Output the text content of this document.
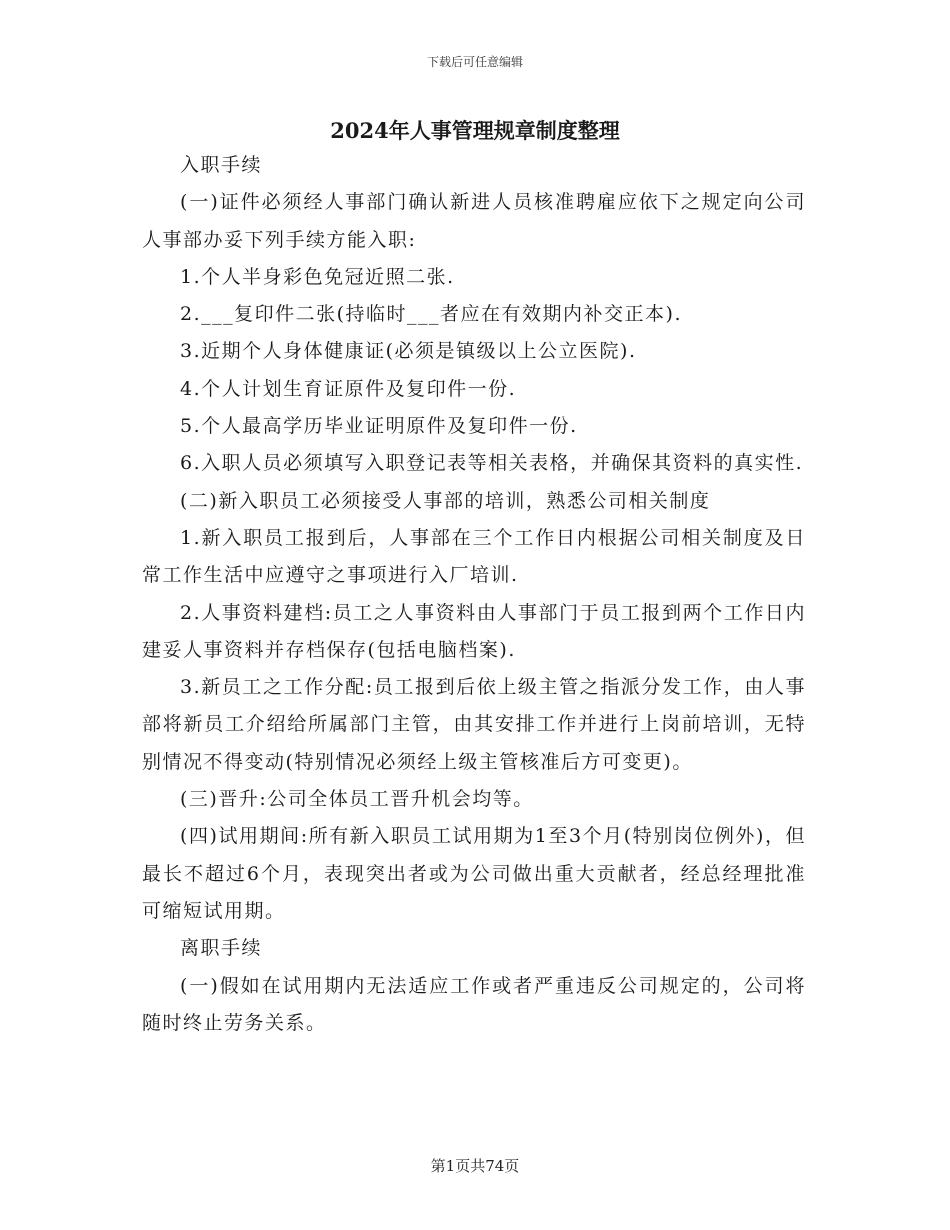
下载后可任意编辑
2024年人事管理规章制度整理

入职手续

(一)证件必须经人事部门确认新进人员核准聘雇应依下之规定向公司人事部办妥下列手续方能入职:

1.个人半身彩色免冠近照二张.

2.___复印件二张(持临时___者应在有效期内补交正本).

3.近期个人身体健康证(必须是镇级以上公立医院).

4.个人计划生育证原件及复印件一份.

5.个人最高学历毕业证明原件及复印件一份.

6.入职人员必须填写入职登记表等相关表格，并确保其资料的真实性.

(二)新入职员工必须接受人事部的培训，熟悉公司相关制度

1.新入职员工报到后，人事部在三个工作日内根据公司相关制度及日常工作生活中应遵守之事项进行入厂培训.

2.人事资料建档:员工之人事资料由人事部门于员工报到两个工作日内建妥人事资料并存档保存(包括电脑档案).

3.新员工之工作分配:员工报到后依上级主管之指派分发工作，由人事部将新员工介绍给所属部门主管，由其安排工作并进行上岗前培训，无特别情况不得变动(特别情况必须经上级主管核准后方可变更)。

(三)晋升:公司全体员工晋升机会均等。

(四)试用期间:所有新入职员工试用期为1至3个月(特别岗位例外)，但最长不超过6个月，表现突出者或为公司做出重大贡献者，经总经理批准可缩短试用期。

离职手续

(一)假如在试用期内无法适应工作或者严重违反公司规定的，公司将随时终止劳务关系。

第1页共74页
